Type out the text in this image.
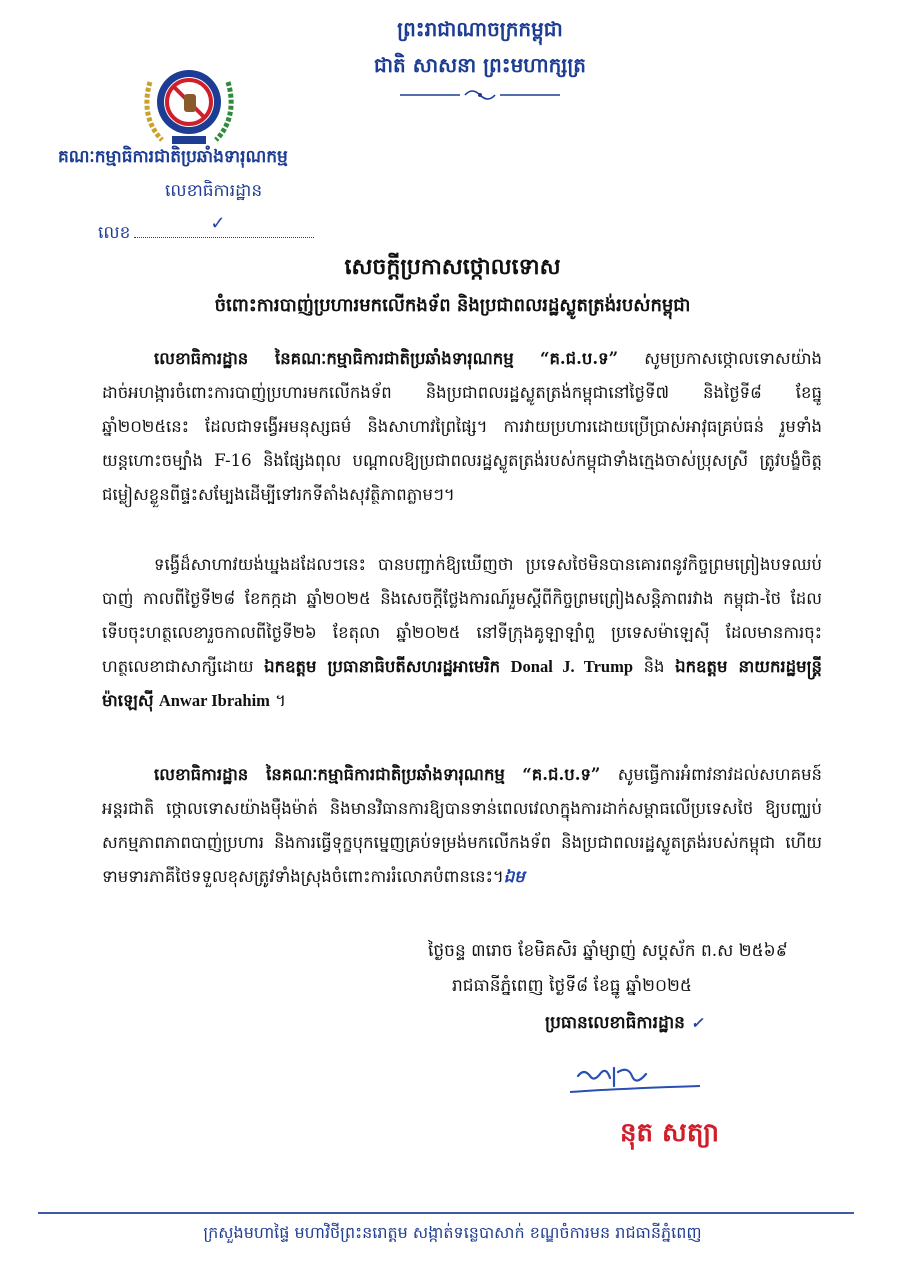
ព្រះរាជាណាចក្រកម្ពុជា
ជាតិ សាសនា ព្រះមហាក្សត្រ
គណៈកម្មាធិការជាតិប្រឆាំងទារុណកម្ម
លេខាធិការដ្ឋាន
លេខ	✓
សេចក្តីប្រកាសថ្កោលទោស
ចំពោះការបាញ់ប្រហារមកលើកងទ័ព និងប្រជាពលរដ្ឋស្លូតត្រង់របស់កម្ពុជា
លេខាធិការដ្ឋាន នៃគណៈកម្មាធិការជាតិប្រឆាំងទារុណកម្ម “គ.ជ.ប.ទ” សូមប្រកាសថ្កោលទោសយ៉ាងដាច់អហង្ការចំពោះការបាញ់ប្រហារមកលើកងទ័ព និងប្រជាពលរដ្ឋស្លូតត្រង់កម្ពុជានៅថ្ងៃទី៧ និងថ្ងៃទី៨ ខែធ្នូ ឆ្នាំ២០២៥នេះ ដែលជាទង្វើអមនុស្សធម៌ និងសាហាវព្រៃផ្សៃ។ ការវាយប្រហារដោយប្រើប្រាស់អាវុធគ្រប់ធន់ រួមទាំងយន្តហោះចម្បាំង F-16 និងផ្សែងពុល បណ្តាលឱ្យប្រជាពលរដ្ឋស្លូតត្រង់របស់កម្ពុជាទាំងក្មេងចាស់ប្រុសស្រី ត្រូវបង្ខំចិត្តជម្លៀសខ្លួនពីផ្ទះសម្បែងដើម្បីទៅរកទីតាំងសុវត្ថិភាពភ្លាមៗ។
ទង្វើដ៏សាហាវយង់ឃ្នងដដែលៗនេះ បានបញ្ជាក់ឱ្យឃើញថា ប្រទេសថៃមិនបានគោរពនូវកិច្ចព្រមព្រៀងបទឈប់បាញ់ កាលពីថ្ងៃទី២៨ ខែកក្កដា ឆ្នាំ២០២៥ និងសេចក្តីថ្លែងការណ៍រួមស្តីពីកិច្ចព្រមព្រៀងសន្តិភាពរវាង កម្ពុជា-ថៃ ដែលទើបចុះហត្ថលេខារួចកាលពីថ្ងៃទី២៦ ខែតុលា ឆ្នាំ២០២៥ នៅទីក្រុងគូឡាឡាំពួ ប្រទេសម៉ាឡេស៊ី ដែលមានការចុះហត្ថលេខាជាសាក្សីដោយ ឯកឧត្តម ប្រធានាធិបតីសហរដ្ឋអាមេរិក Donal J. Trump និង ឯកឧត្តម នាយករដ្ឋមន្ត្រីម៉ាឡេស៊ី Anwar Ibrahim ។
លេខាធិការដ្ឋាន នៃគណៈកម្មាធិការជាតិប្រឆាំងទារុណកម្ម “គ.ជ.ប.ទ” សូមធ្វើការអំពាវនាវដល់សហគមន៍អន្តរជាតិ ថ្កោលទោសយ៉ាងម៉ឺងម៉ាត់ និងមានវិធានការឱ្យបានទាន់ពេលវេលាក្នុងការដាក់សម្ពាធលើប្រទេសថៃ ឱ្យបញ្ឈប់សកម្មភាពភាពបាញ់ប្រហារ និងការធ្វើទុក្ខបុកម្នេញគ្រប់ទម្រង់មកលើកងទ័ព និងប្រជាពលរដ្ឋស្លូតត្រង់របស់កម្ពុជា ហើយទាមទារភាគីថៃទទួលខុសត្រូវទាំងស្រុងចំពោះការរំលោភបំពាននេះ។ឯម
ថ្ងៃចន្ទ ៣រោច ខែមិគសិរ ឆ្នាំម្សាញ់ សប្តស័ក ព.ស ២៥៦៩
រាជធានីភ្នំពេញ ថ្ងៃទី៨ ខែធ្នូ ឆ្នាំ២០២៥
ប្រធានលេខាធិការដ្ឋាន ✓
នុត សត្យា
ក្រសួងមហាផ្ទៃ មហាវិថីព្រះនរោត្តម សង្កាត់ទន្លេបាសាក់ ខណ្ឌចំការមន រាជធានីភ្នំពេញ
